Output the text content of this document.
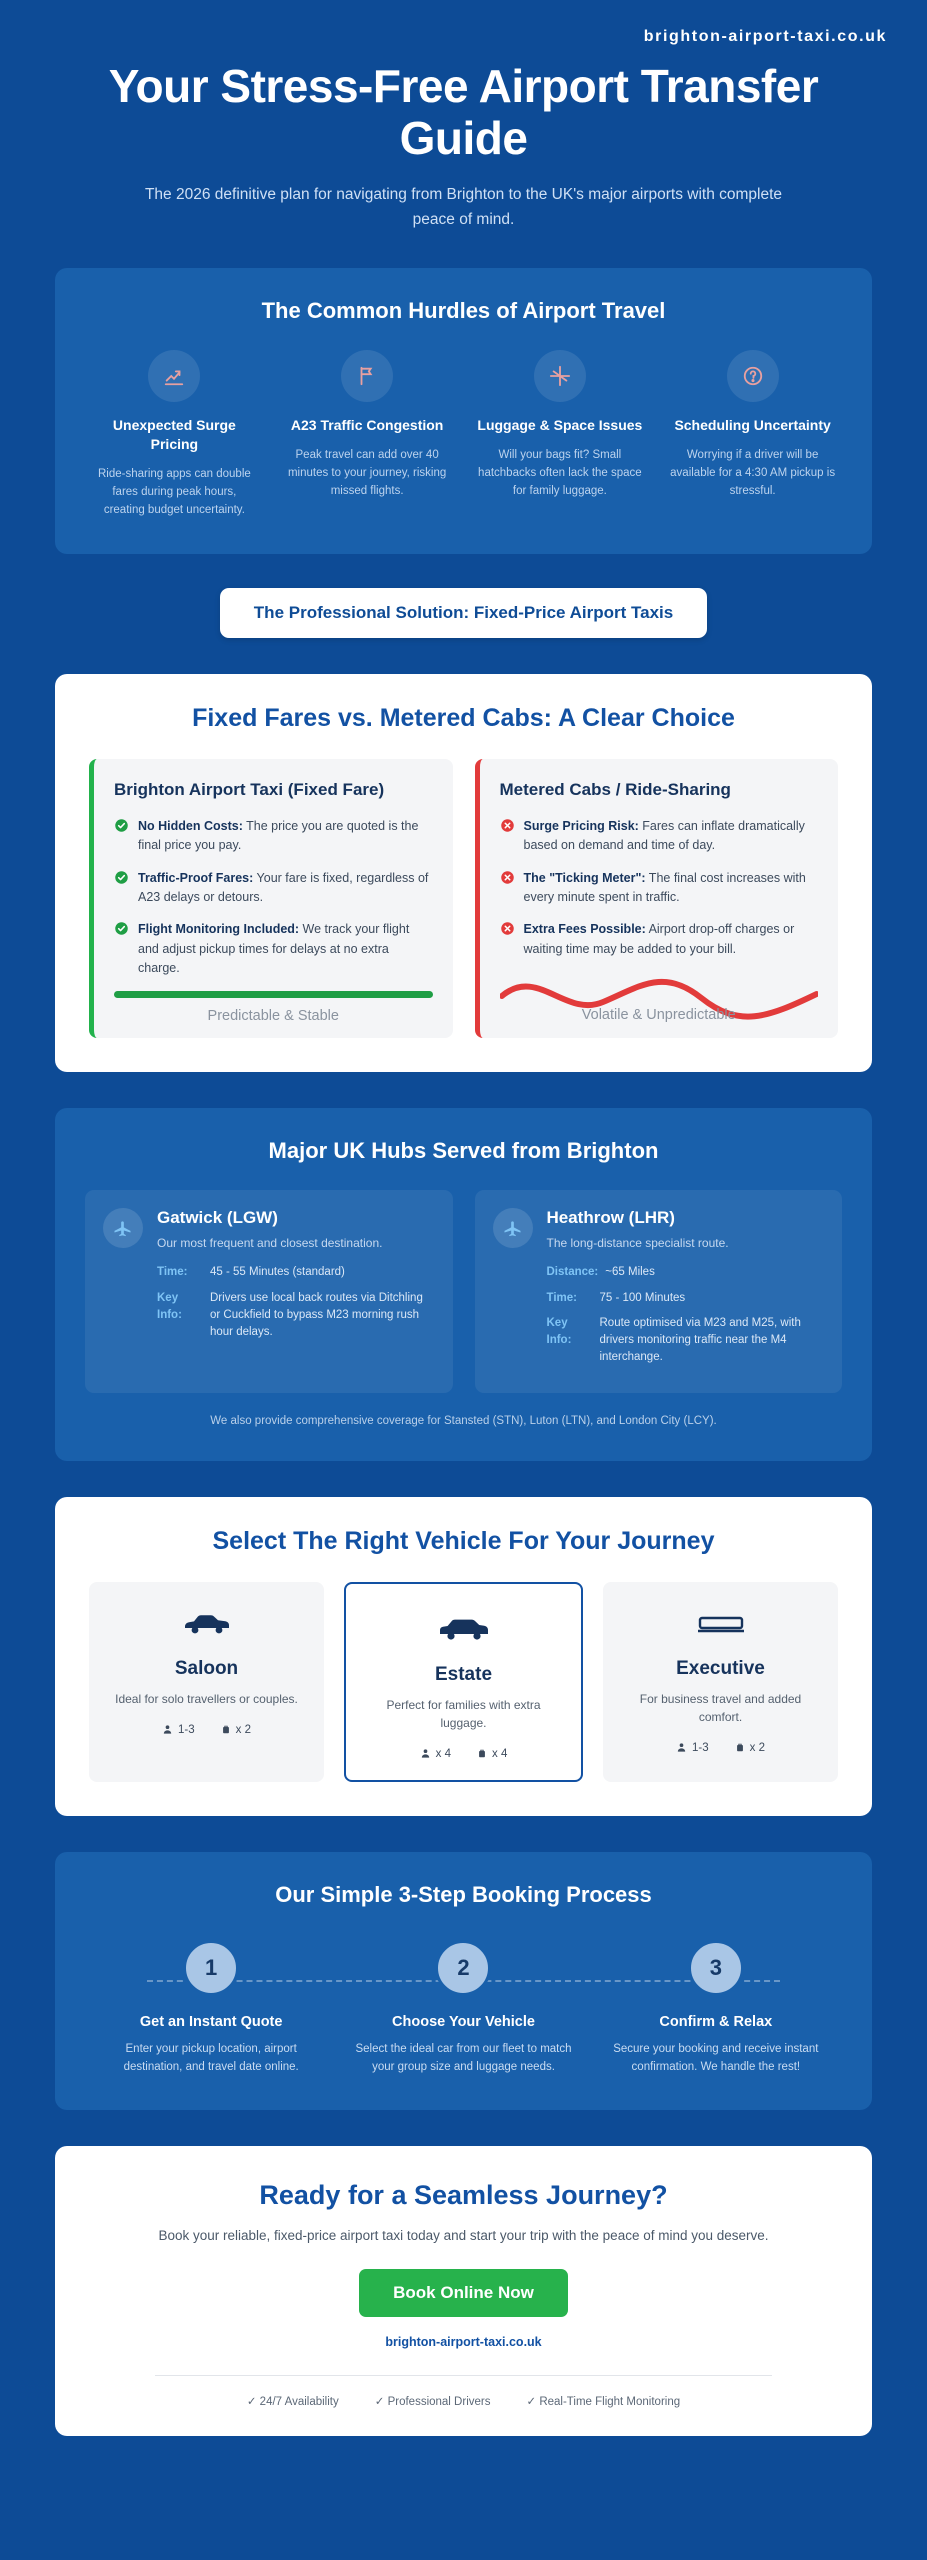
brighton-airport-taxi.co.uk
Your Stress-Free Airport Transfer Guide

The 2026 definitive plan for navigating from Brighton to the UK's major airports with complete peace of mind.

The Common Hurdles of Airport Travel
Unexpected Surge Pricing

Ride-sharing apps can double fares during peak hours, creating budget uncertainty.

A23 Traffic Congestion

Peak travel can add over 40 minutes to your journey, risking missed flights.

Luggage & Space Issues

Will your bags fit? Small hatchbacks often lack the space for family luggage.

Scheduling Uncertainty

Worrying if a driver will be available for a 4:30 AM pickup is stressful.

The Professional Solution: Fixed-Price Airport Taxis
Fixed Fares vs. Metered Cabs: A Clear Choice
Brighton Airport Taxi (Fixed Fare)
No Hidden Costs: The price you are quoted is the final price you pay.
Traffic-Proof Fares: Your fare is fixed, regardless of A23 delays or detours.
Flight Monitoring Included: We track your flight and adjust pickup times for delays at no extra charge.
Predictable & Stable
Metered Cabs / Ride-Sharing
Surge Pricing Risk: Fares can inflate dramatically based on demand and time of day.
The "Ticking Meter": The final cost increases with every minute spent in traffic.
Extra Fees Possible: Airport drop-off charges or waiting time may be added to your bill.
Volatile & Unpredictable
Major UK Hubs Served from Brighton
Gatwick (LGW)
Our most frequent and closest destination.
Time:	45 - 55 Minutes (standard)
Key Info:
Drivers use local back routes via Ditchling or Cuckfield to bypass M23 morning rush hour delays.
Heathrow (LHR)
The long-distance specialist route.
Distance: ~65 Miles
Time:	75 - 100 Minutes
Key Info:
Route optimised via M23 and M25, with drivers monitoring traffic near the M4 interchange.
We also provide comprehensive coverage for Stansted (STN), Luton (LTN), and London City (LCY).
Select The Right Vehicle For Your Journey
Saloon

Ideal for solo travellers or couples.

1-3	x 2
Estate

Perfect for families with extra luggage.

x 4	x 4
Executive

For business travel and added comfort.

1-3	x 2
Our Simple 3-Step Booking Process
1
Get an Instant Quote

Enter your pickup location, airport destination, and travel date online.

2
Choose Your Vehicle

Select the ideal car from our fleet to match your group size and luggage needs.

3
Confirm & Relax

Secure your booking and receive instant confirmation. We handle the rest!

Ready for a Seamless Journey?

Book your reliable, fixed-price airport taxi today and start your trip with the peace of mind you deserve.

Book Online Now
brighton-airport-taxi.co.uk
✓ 24/7 Availability	✓ Professional Drivers	✓ Real-Time Flight Monitoring
